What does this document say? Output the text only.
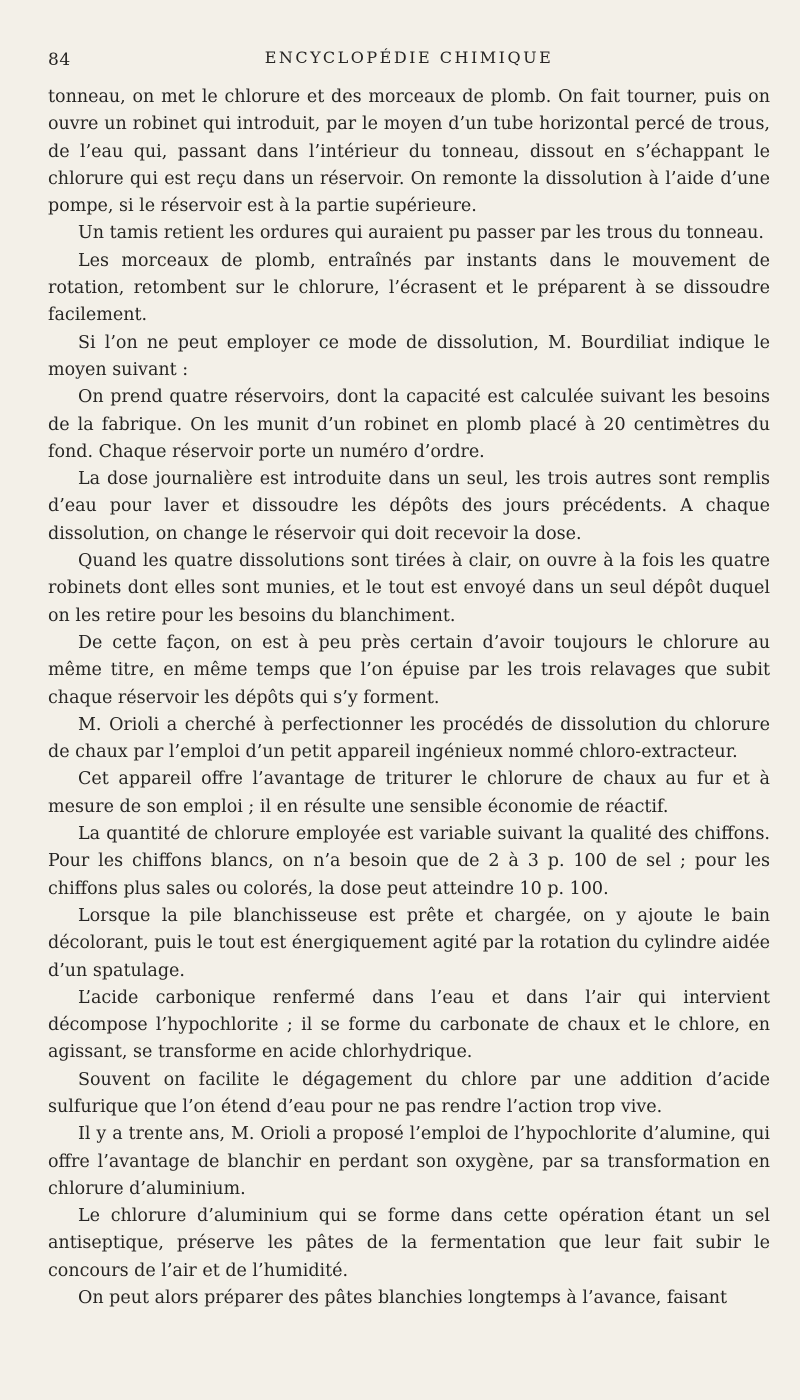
84	ENCYCLOPÉDIE CHIMIQUE

tonneau, on met le chlorure et des morceaux de plomb. On fait tourner, puis on ouvre un robinet qui introduit, par le moyen d’un tube horizontal percé de trous, de l’eau qui, passant dans l’intérieur du tonneau, dissout en s’échappant le chlorure qui est reçu dans un réservoir. On remonte la dissolution à l’aide d’une pompe, si le réservoir est à la partie supérieure.

Un tamis retient les ordures qui auraient pu passer par les trous du tonneau.

Les morceaux de plomb, entraînés par instants dans le mouvement de rotation, retombent sur le chlorure, l’écrasent et le préparent à se dissoudre facilement.

Si l’on ne peut employer ce mode de dissolution, M. Bourdiliat indique le moyen suivant :

On prend quatre réservoirs, dont la capacité est calculée suivant les besoins de la fabrique. On les munit d’un robinet en plomb placé à 20 centimètres du fond. Chaque réservoir porte un numéro d’ordre.

La dose journalière est introduite dans un seul, les trois autres sont remplis d’eau pour laver et dissoudre les dépôts des jours précédents. A chaque dissolution, on change le réservoir qui doit recevoir la dose.

Quand les quatre dissolutions sont tirées à clair, on ouvre à la fois les quatre robinets dont elles sont munies, et le tout est envoyé dans un seul dépôt duquel on les retire pour les besoins du blanchiment.

De cette façon, on est à peu près certain d’avoir toujours le chlorure au même titre, en même temps que l’on épuise par les trois relavages que subit chaque réservoir les dépôts qui s’y forment.

M. Orioli a cherché à perfectionner les procédés de dissolution du chlorure de chaux par l’emploi d’un petit appareil ingénieux nommé chloro-extracteur.

Cet appareil offre l’avantage de triturer le chlorure de chaux au fur et à mesure de son emploi ; il en résulte une sensible économie de réactif.

La quantité de chlorure employée est variable suivant la qualité des chiffons. Pour les chiffons blancs, on n’a besoin que de 2 à 3 p. 100 de sel ; pour les chiffons plus sales ou colorés, la dose peut atteindre 10 p. 100.

Lorsque la pile blanchisseuse est prête et chargée, on y ajoute le bain décolorant, puis le tout est énergiquement agité par la rotation du cylindre aidée d’un spatulage.

L’acide carbonique renfermé dans l’eau et dans l’air qui intervient décompose l’hypochlorite ; il se forme du carbonate de chaux et le chlore, en agissant, se transforme en acide chlorhydrique.

Souvent on facilite le dégagement du chlore par une addition d’acide sulfurique que l’on étend d’eau pour ne pas rendre l’action trop vive.

Il y a trente ans, M. Orioli a proposé l’emploi de l’hypochlorite d’alumine, qui offre l’avantage de blanchir en perdant son oxygène, par sa transformation en chlorure d’aluminium.

Le chlorure d’aluminium qui se forme dans cette opération étant un sel antiseptique, préserve les pâtes de la fermentation que leur fait subir le concours de l’air et de l’humidité.

On peut alors préparer des pâtes blanchies longtemps à l’avance, faisant
